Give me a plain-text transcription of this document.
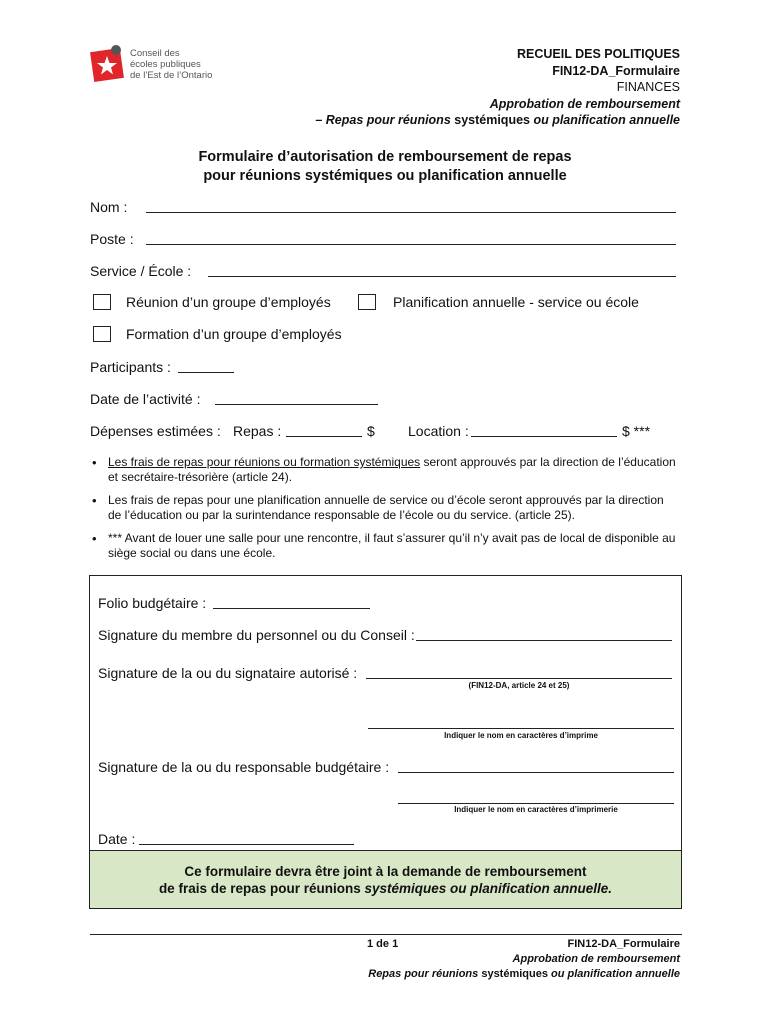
Conseil des
écoles publiques
de l’Est de l’Ontario
RECUEIL DES POLITIQUES
FIN12-DA_Formulaire
FINANCES
Approbation de remboursement
– Repas pour réunions systémiques ou planification annuelle
Formulaire d’autorisation de remboursement de repas
pour réunions systémiques ou planification annuelle
Nom :
Poste :
Service / École :
Réunion d’un groupe d’employés	Planification annuelle - service ou école
Formation d’un groupe d’employés
Participants :
Date de l’activité :
Dépenses estimées : Repas :	$ Location :	$ ***
• Les frais de repas pour réunions ou formation systémiques seront approuvés par la direction de l’éducation et secrétaire-trésorière (article 24).
• Les frais de repas pour une planification annuelle de service ou d’école seront approuvés par la direction de l’éducation ou par la surintendance responsable de l’école ou du service. (article 25).
• *** Avant de louer une salle pour une rencontre, il faut s’assurer qu’il n’y avait pas de local de disponible au siège social ou dans une école.
Folio budgétaire :
Signature du membre du personnel ou du Conseil :
Signature de la ou du signataire autorisé :
(FIN12-DA, article 24 et 25)
Indiquer le nom en caractères d’imprime
Signature de la ou du responsable budgétaire :
Indiquer le nom en caractères d’imprimerie
Date :
Ce formulaire devra être joint à la demande de remboursement
de frais de repas pour réunions systémiques ou planification annuelle.
1 de 1	FIN12-DA_Formulaire
Approbation de remboursement
Repas pour réunions systémiques ou planification annuelle
